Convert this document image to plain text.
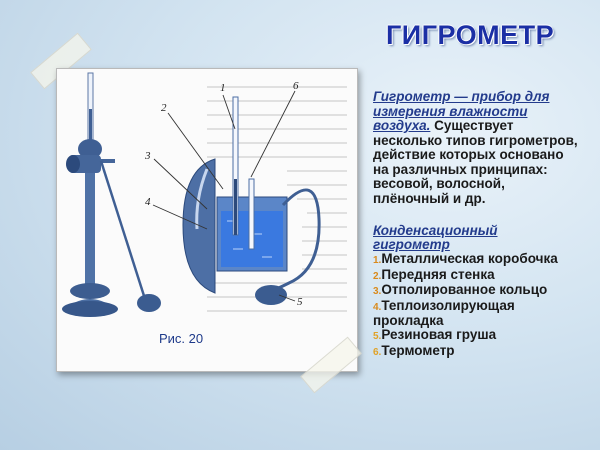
ГИГРОМЕТР
1
2
3
4
6
5
Рис. 20
Гигрометр — прибор для измерения влажности воздуха. Существует несколько типов гигрометров, действие которых основано на различных принципах: весовой, волосной, плёночный и др.
Конденсационный гигрометр
1.Металлическая коробочка
2.Передняя стенка
3.Отполированное кольцо
4.Теплоизолирующая прокладка
5.Резиновая груша
6.Термометр
